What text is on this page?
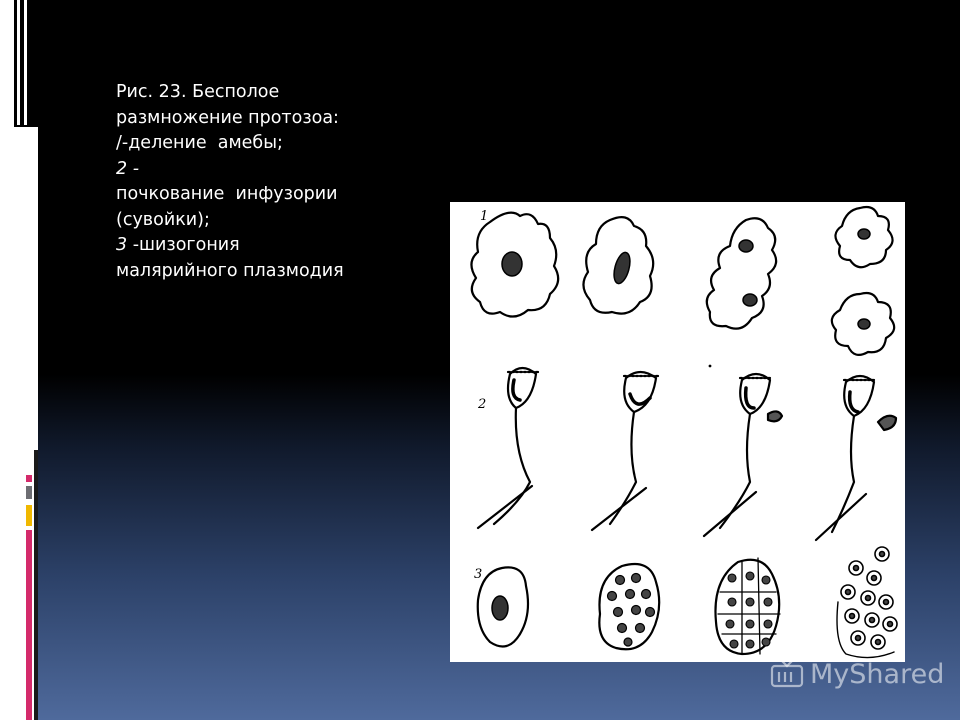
Рис. 23. Бесполое
размножение протозоа:
/-деление  амебы;
2 -
почкование  инфузории
(сувойки);
3 -шизогония
малярийного плазмодия
1
2
3
MyShared
